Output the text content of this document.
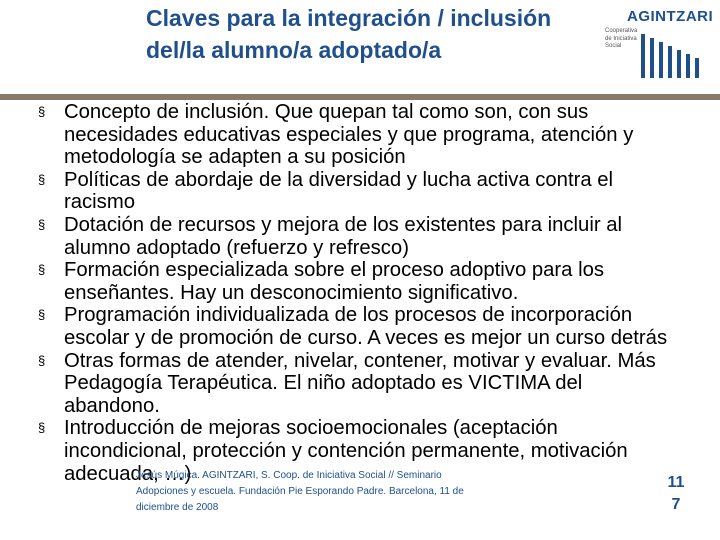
Claves para la integración / inclusión del/la alumno/a adoptado/a
AGINTZARI
Cooperativa de Iniciativa Social
§ Concepto de inclusión. Que quepan tal como son, con sus necesidades educativas especiales y que programa, atención y metodología se adapten a su posición
§ Políticas de abordaje de la diversidad y lucha activa contra el racismo
§ Dotación de recursos y mejora de los existentes para incluir al alumno adoptado (refuerzo y refresco)
§ Formación especializada sobre el proceso adoptivo para los enseñantes. Hay un desconocimiento significativo.
§ Programación individualizada de los procesos de incorporación escolar y de promoción de curso. A veces es mejor un curso detrás
§ Otras formas de atender, nivelar, contener, motivar y evaluar. Más Pedagogía Terapéutica. El niño adoptado es VICTIMA del abandono.
§ Introducción de mejoras socioemocionales (aceptación incondicional, protección y contención permanente, motivación adecuada, …)
Jesús Múgica. AGINTZARI, S. Coop. de Iniciativa Social // Seminario
Adopciones y escuela. Fundación Pie Esporando Padre. Barcelona, 11 de
diciembre de 2008
11
7
